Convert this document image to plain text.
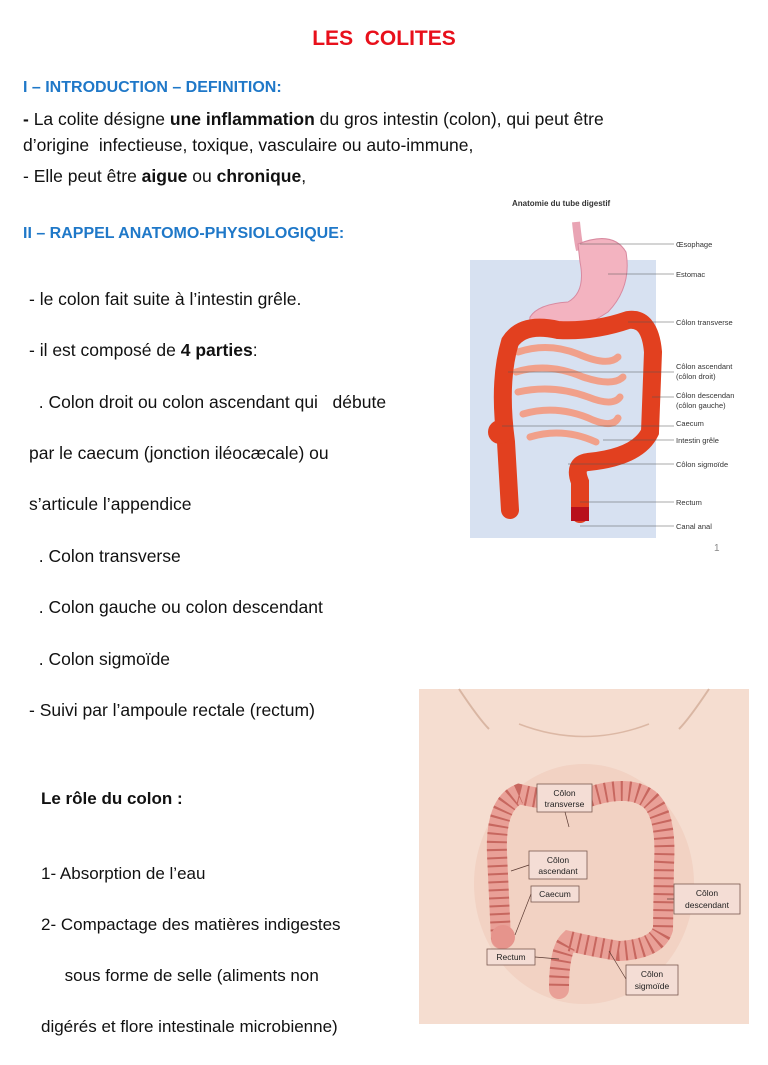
LES  COLITES
I – INTRODUCTION – DEFINITION:
- La colite désigne une inflammation du gros intestin (colon), qui peut être
d’origine  infectieuse, toxique, vasculaire ou auto-immune,
- Elle peut être aigue ou chronique,
II – RAPPEL ANATOMO-PHYSIOLOGIQUE:

- le colon fait suite à l’intestin grêle.

- il est composé de 4 parties:

. Colon droit ou colon ascendant qui   débute

par le caecum (jonction iléocæcale) ou

s’articule l’appendice

. Colon transverse

. Colon gauche ou colon descendant

. Colon sigmoïde

- Suivi par l’ampoule rectale (rectum)

Anatomie du tube digestif
Œsophage
Estomac
Côlon transverse
Côlon ascendant
(côlon droit)
Côlon descendan
(côlon gauche)
Caecum
Intestin grêle
Côlon sigmoïde
Rectum
Canal anal
1
Le rôle du colon :

1- Absorption de l’eau

2- Compactage des matières indigestes

sous forme de selle (aliments non

digérés et flore intestinale microbienne)

Côlon
transverse
Côlon
ascendant
Caecum	Côlon
descendant
Rectum
Côlon
sigmoïde
